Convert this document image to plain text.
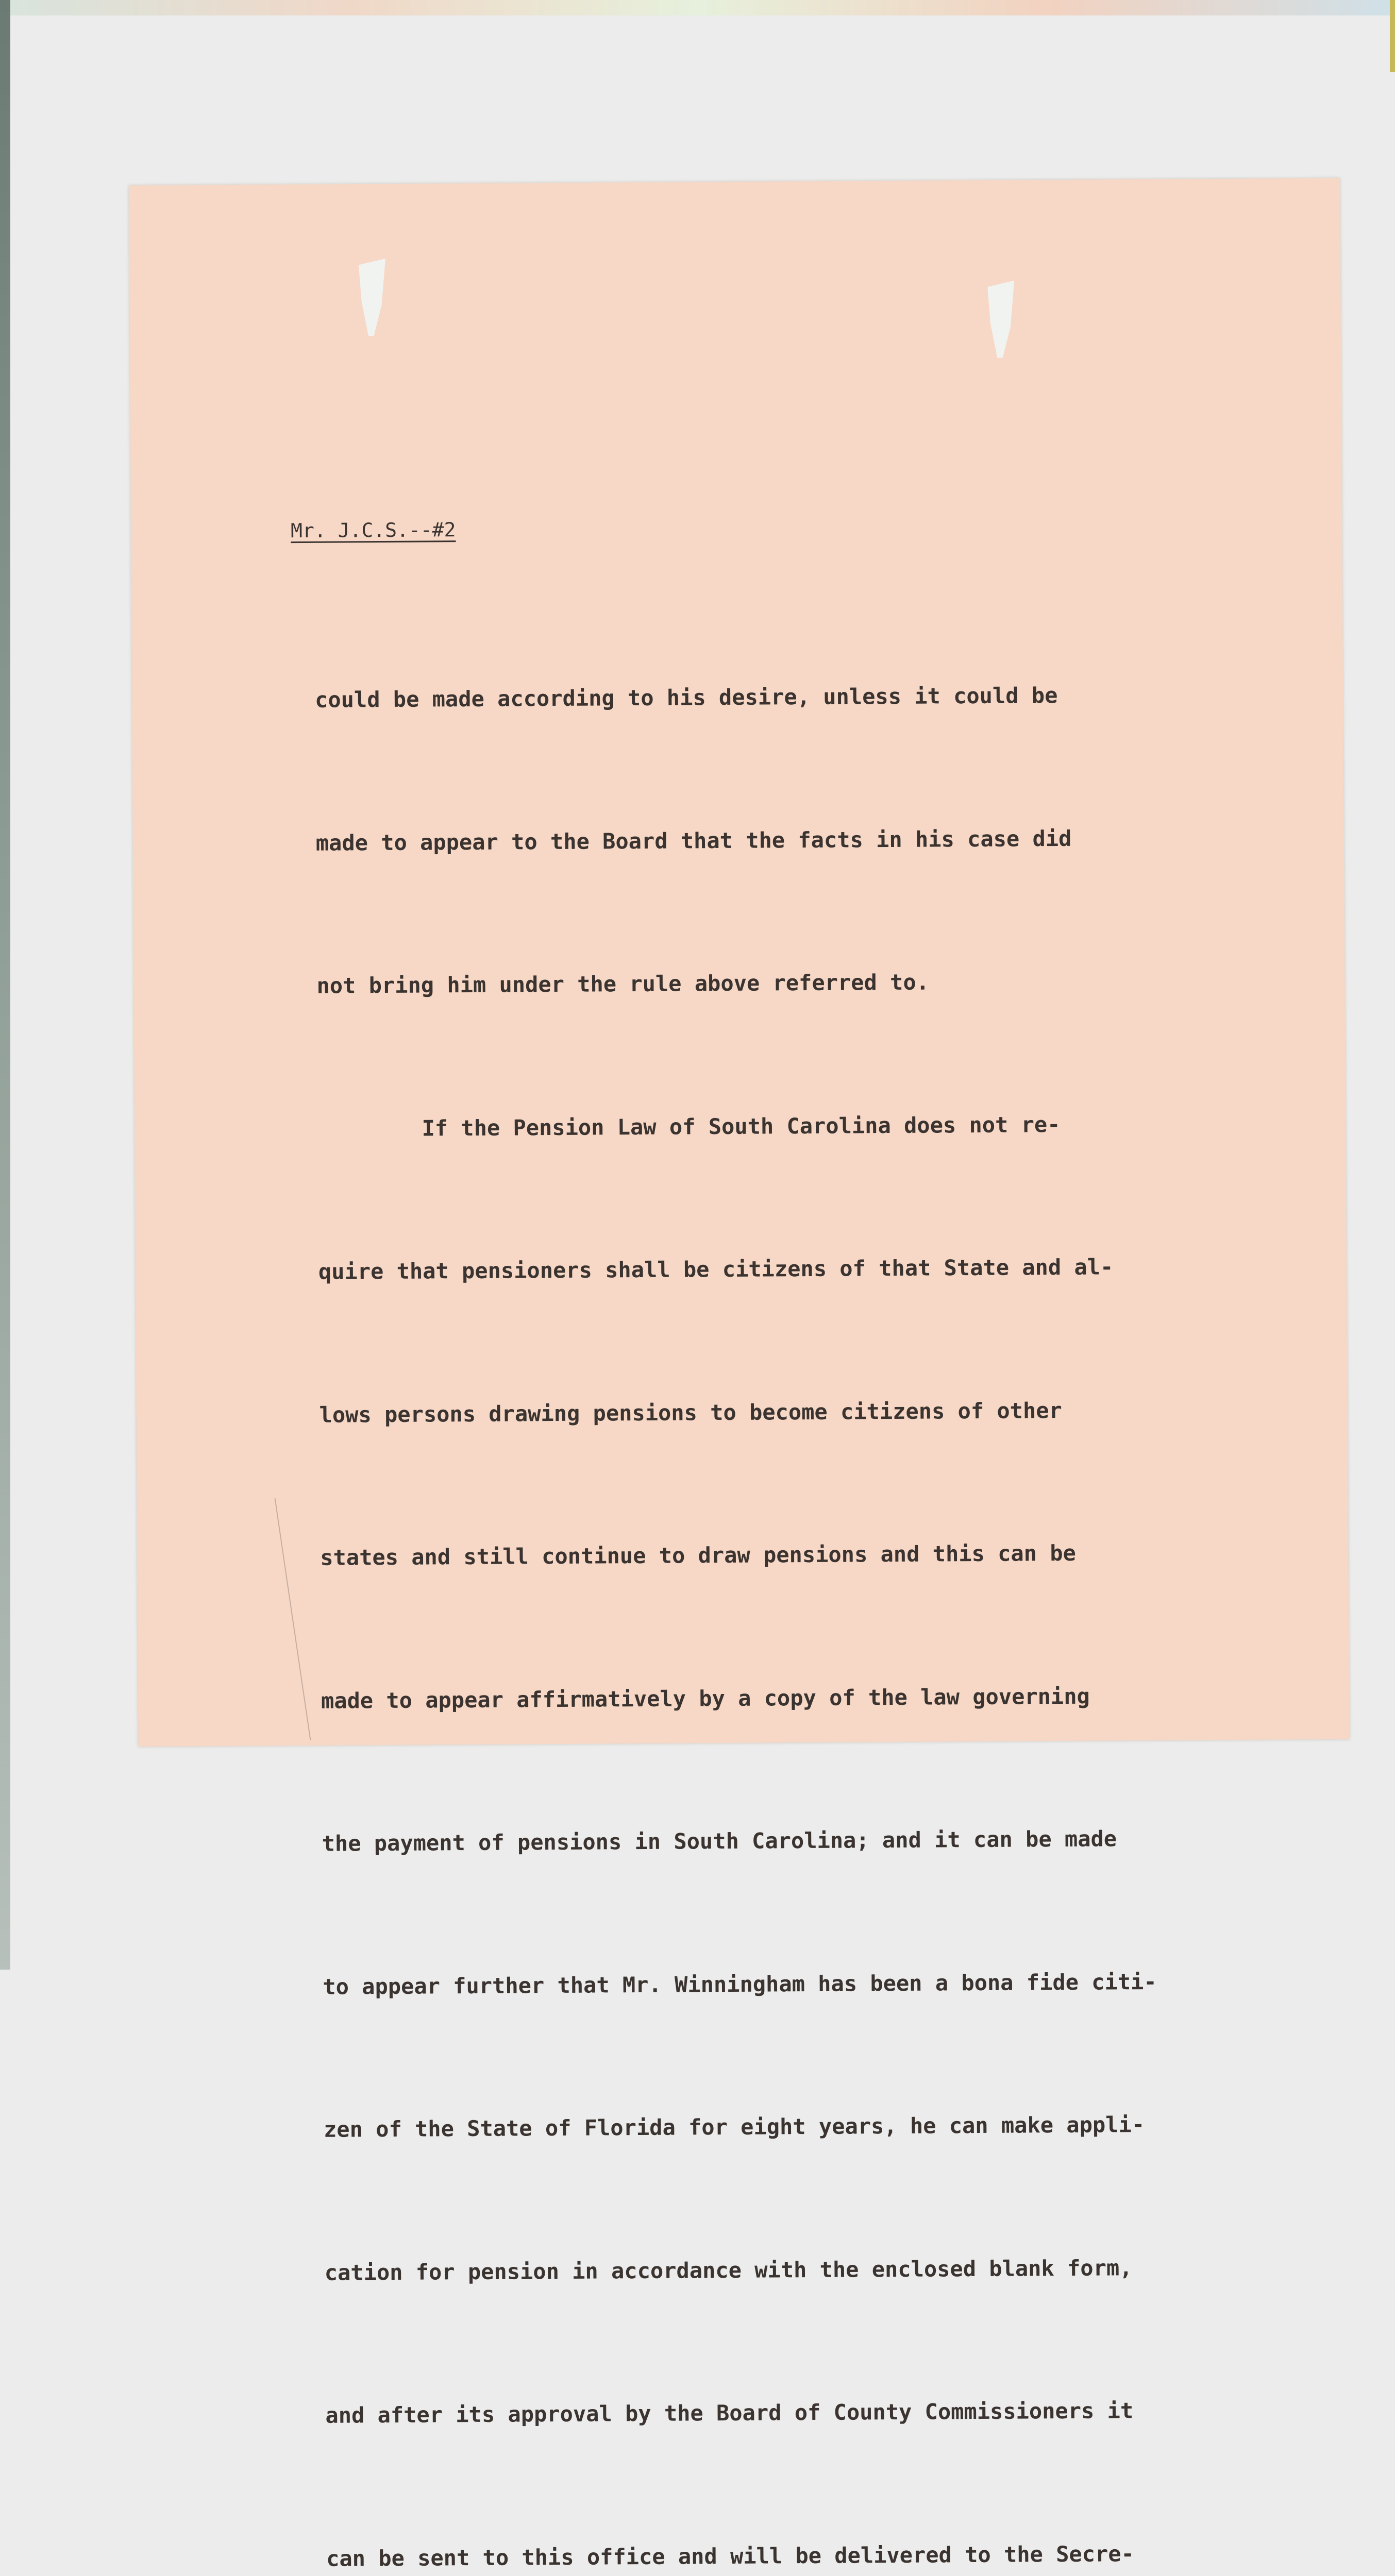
Mr. J.C.S.--#2

could be made according to his desire, unless it could be

made to appear to the Board that the facts in his case did

not bring him under the rule above referred to.

If the Pension Law of South Carolina does not re-

quire that pensioners shall be citizens of that State and al-

lows persons drawing pensions to become citizens of other

states and still continue to draw pensions and this can be

made to appear affirmatively by a copy of the law governing

the payment of pensions in South Carolina; and it can be made

to appear further that Mr. Winningham has been a bona fide citi-

zen of the State of Florida for eight years, he can make appli-

cation for pension in accordance with the enclosed blank form,

and after its approval by the Board of County Commissioners it

can be sent to this office and will be delivered to the Secre-
